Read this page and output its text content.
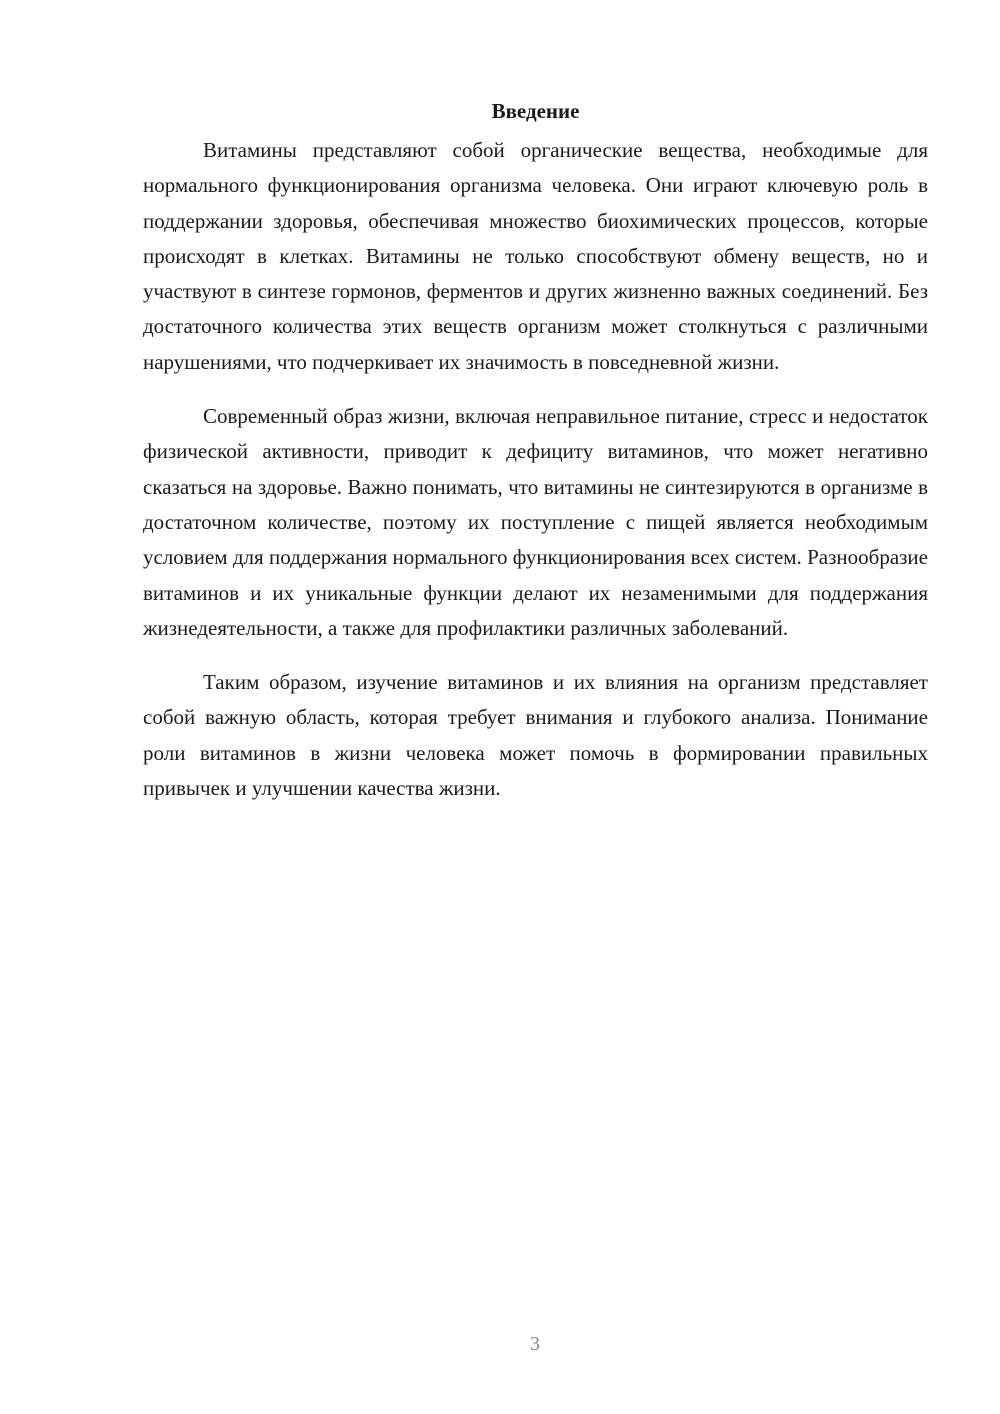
Введение

Витамины представляют собой органические вещества, необходимые для нормального функционирования организма человека. Они играют ключевую роль в поддержании здоровья, обеспечивая множество биохимических процессов, которые происходят в клетках. Витамины не только способствуют обмену веществ, но и участвуют в синтезе гормонов, ферментов и других жизненно важных соединений. Без достаточного количества этих веществ организм может столкнуться с различными нарушениями, что подчеркивает их значимость в повседневной жизни.

Современный образ жизни, включая неправильное питание, стресс и недостаток физической активности, приводит к дефициту витаминов, что может негативно сказаться на здоровье. Важно понимать, что витамины не синтезируются в организме в достаточном количестве, поэтому их поступление с пищей является необходимым условием для поддержания нормального функционирования всех систем. Разнообразие витаминов и их уникальные функции делают их незаменимыми для поддержания жизнедеятельности, а также для профилактики различных заболеваний.

Таким образом, изучение витаминов и их влияния на организм представляет собой важную область, которая требует внимания и глубокого анализа. Понимание роли витаминов в жизни человека может помочь в формировании правильных привычек и улучшении качества жизни.

3
